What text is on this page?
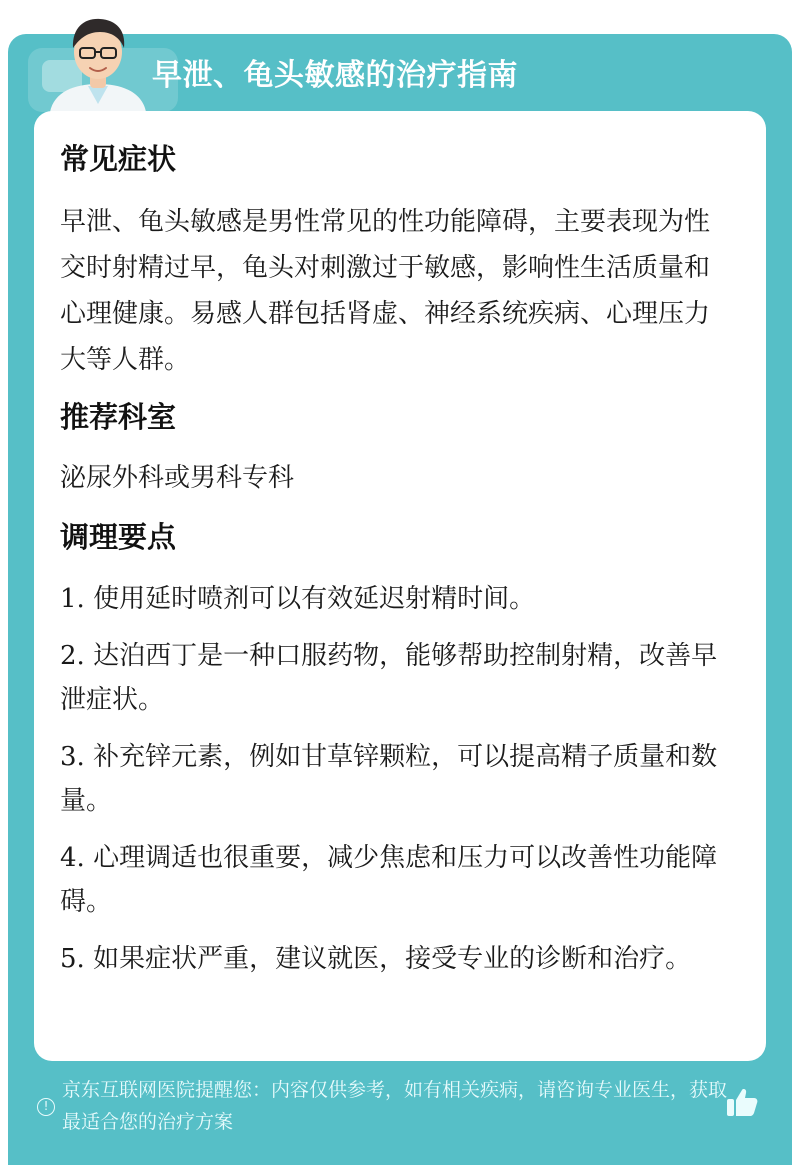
早泄、龟头敏感的治疗指南
常见症状

早泄、龟头敏感是男性常见的性功能障碍，主要表现为性交时射精过早，龟头对刺激过于敏感，影响性生活质量和心理健康。易感人群包括肾虚、神经系统疾病、心理压力大等人群。

推荐科室

泌尿外科或男科专科

调理要点
1. 使用延时喷剂可以有效延迟射精时间。
2. 达泊西丁是一种口服药物，能够帮助控制射精，改善早泄症状。
3. 补充锌元素，例如甘草锌颗粒，可以提高精子质量和数量。
4. 心理调适也很重要，减少焦虑和压力可以改善性功能障碍。
5. 如果症状严重，建议就医，接受专业的诊断和治疗。
!
京东互联网医院提醒您：内容仅供参考，如有相关疾病，请咨询专业医生，获取最适合您的治疗方案
